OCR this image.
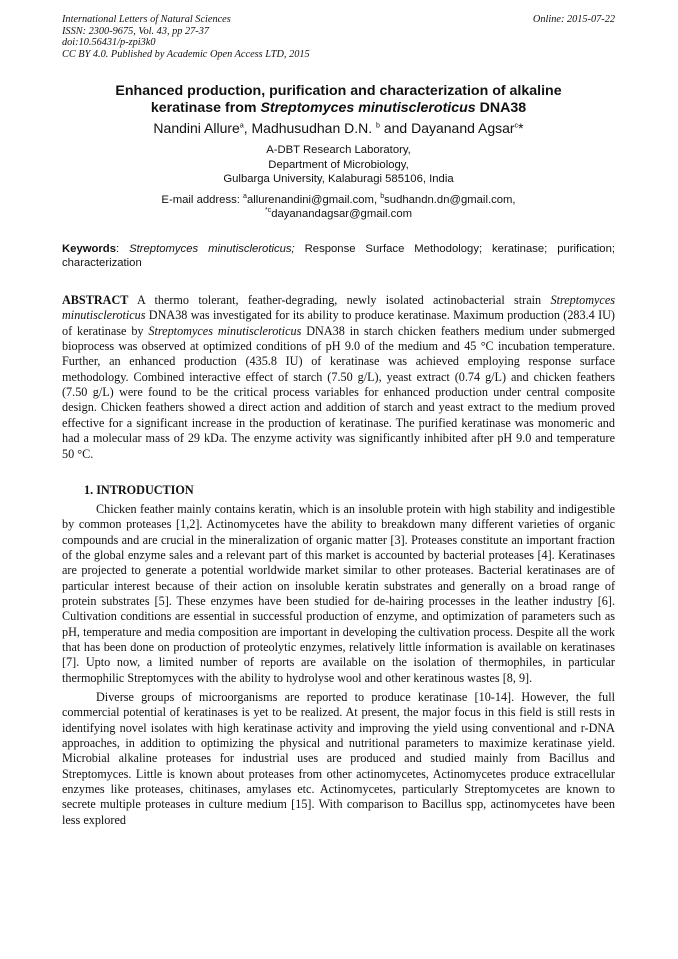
International Letters of Natural Sciences
ISSN: 2300-9675, Vol. 43, pp 27-37
doi:10.56431/p-zpi3k0
CC BY 4.0. Published by Academic Open Access LTD, 2015
Online: 2015-07-22
Enhanced production, purification and characterization of alkaline
keratinase from Streptomyces minutiscleroticus DNA38
Nandini Allure$^a$, Madhusudhan D.N. $^b$ and Dayanand Agsar$^c$*
A-DBT Research Laboratory,
Department of Microbiology,
Gulbarga University, Kalaburagi 585106, India
E-mail address: $^a$allurenandini@gmail.com, $^b$sudhandn.dn@gmail.com,
$^{*c}$dayanandagsar@gmail.com
Keywords: Streptomyces minutiscleroticus; Response Surface Methodology; keratinase; purification; characterization
ABSTRACT A thermo tolerant, feather-degrading, newly isolated actinobacterial strain Streptomyces minutiscleroticus DNA38 was investigated for its ability to produce keratinase. Maximum production (283.4 IU) of keratinase by Streptomyces minutiscleroticus DNA38 in starch chicken feathers medium under submerged bioprocess was observed at optimized conditions of pH 9.0 of the medium and 45 °C incubation temperature. Further, an enhanced production (435.8 IU) of keratinase was achieved employing response surface methodology. Combined interactive effect of starch (7.50 g/L), yeast extract (0.74 g/L) and chicken feathers (7.50 g/L) were found to be the critical process variables for enhanced production under central composite design. Chicken feathers showed a direct action and addition of starch and yeast extract to the medium proved effective for a significant increase in the production of keratinase. The purified keratinase was monomeric and had a molecular mass of 29 kDa. The enzyme activity was significantly inhibited after pH 9.0 and temperature 50 °C.
1. INTRODUCTION
Chicken feather mainly contains keratin, which is an insoluble protein with high stability and indigestible by common proteases [1,2]. Actinomycetes have the ability to breakdown many different varieties of organic compounds and are crucial in the mineralization of organic matter [3]. Proteases constitute an important fraction of the global enzyme sales and a relevant part of this market is accounted by bacterial proteases [4]. Keratinases are projected to generate a potential worldwide market similar to other proteases. Bacterial keratinases are of particular interest because of their action on insoluble keratin substrates and generally on a broad range of protein substrates [5]. These enzymes have been studied for de-hairing processes in the leather industry [6]. Cultivation conditions are essential in successful production of enzyme, and optimization of parameters such as pH, temperature and media composition are important in developing the cultivation process. Despite all the work that has been done on production of proteolytic enzymes, relatively little information is available on keratinases [7]. Upto now, a limited number of reports are available on the isolation of thermophiles, in particular thermophilic Streptomyces with the ability to hydrolyse wool and other keratinous wastes [8, 9].
Diverse groups of microorganisms are reported to produce keratinase [10-14]. However, the full commercial potential of keratinases is yet to be realized. At present, the major focus in this field is still rests in identifying novel isolates with high keratinase activity and improving the yield using conventional and r-DNA approaches, in addition to optimizing the physical and nutritional parameters to maximize keratinase yield. Microbial alkaline proteases for industrial uses are produced and studied mainly from Bacillus and Streptomyces. Little is known about proteases from other actinomycetes, Actinomycetes produce extracellular enzymes like proteases, chitinases, amylases etc. Actinomycetes, particularly Streptomycetes are known to secrete multiple proteases in culture medium [15]. With comparison to Bacillus spp, actinomycetes have been less explored
